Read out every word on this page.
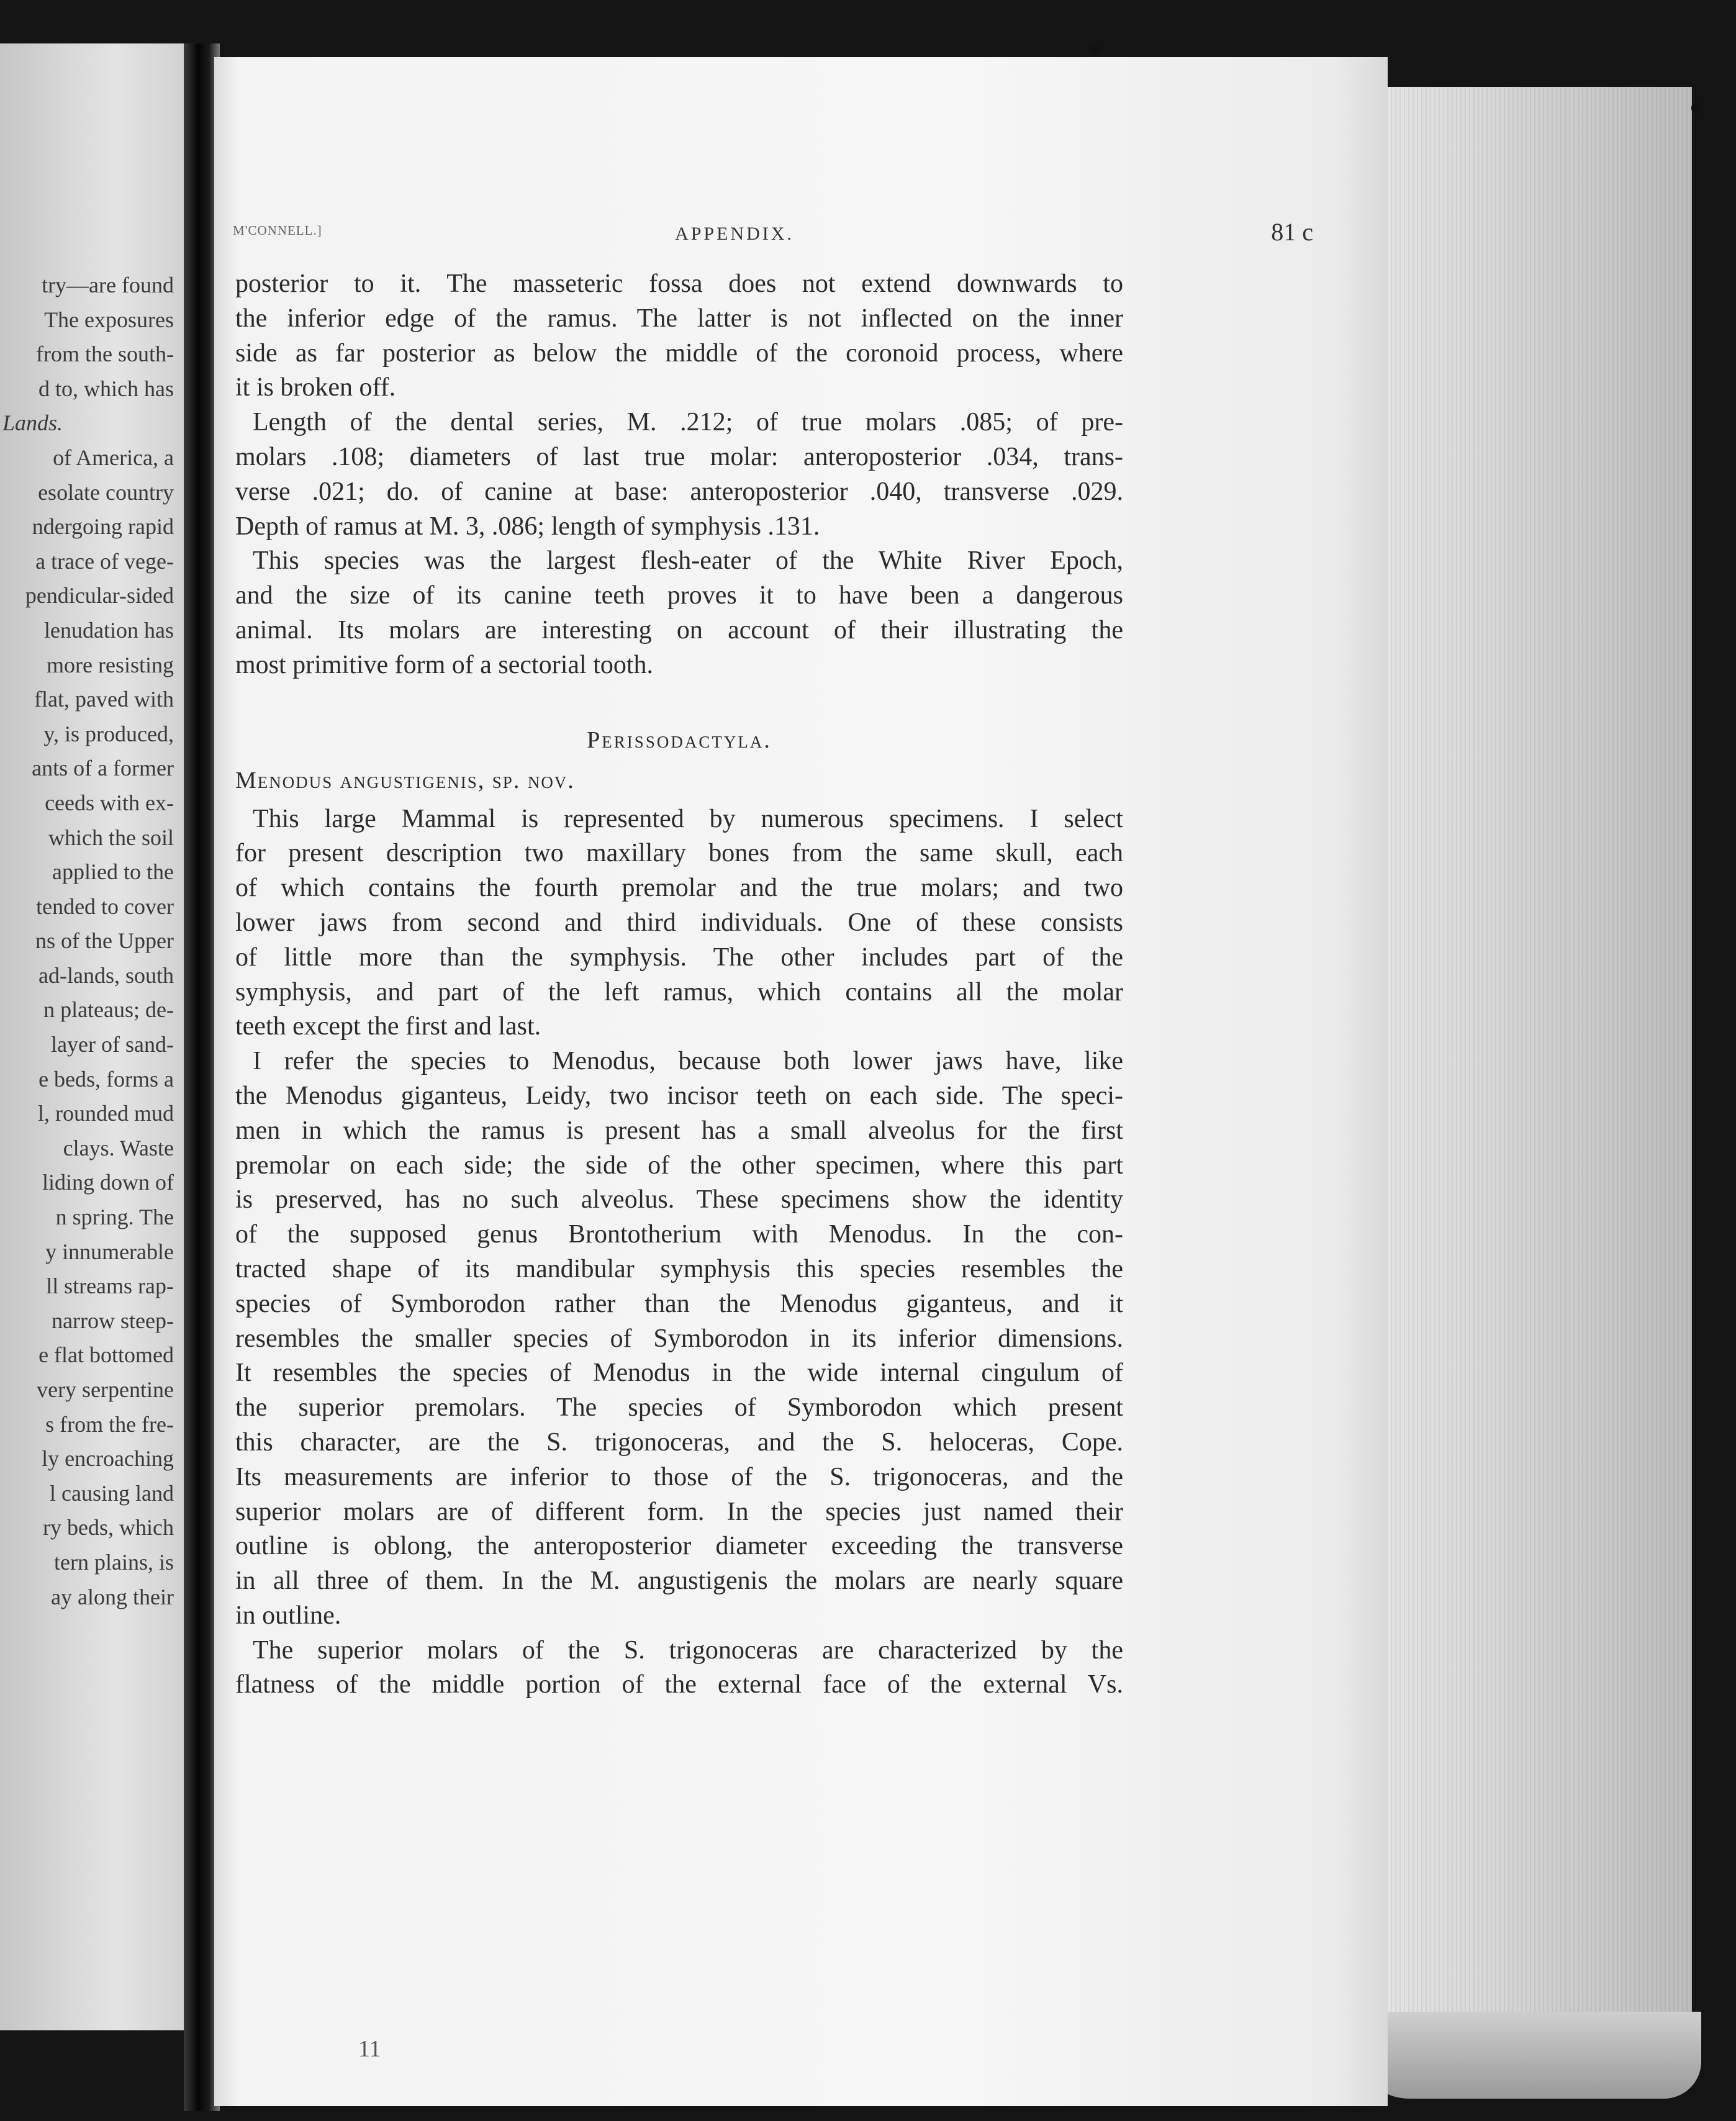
try—are found
The exposures
from the south-
d to, which has
Lands.
of America, a
esolate country
ndergoing rapid
a trace of vege-
pendicular-sided
lenudation has
more resisting
flat, paved with
y, is produced,
ants of a former
ceeds with ex-
which the soil
applied to the
tended to cover
ns of the Upper
ad-lands, south
n plateaus; de-
layer of sand-
e beds, forms a
l, rounded mud
clays. Waste
liding down of
n spring. The
y innumerable
ll streams rap-
narrow steep-
e flat bottomed
very serpentine
s from the fre-
ly encroaching
l causing land
ry beds, which
tern plains, is
ay along their
M'CONNELL.]	APPENDIX.	81 c
posterior to it. The masseteric fossa does not extend downwards to
the inferior edge of the ramus. The latter is not inflected on the inner
side as far posterior as below the middle of the coronoid process, where
it is broken off.
Length of the dental series, M. .212; of true molars .085; of pre-
molars .108; diameters of last true molar: anteroposterior .034, trans-
verse .021; do. of canine at base: anteroposterior .040, transverse .029.
Depth of ramus at M. 3, .086; length of symphysis .131.
This species was the largest flesh-eater of the White River Epoch,
and the size of its canine teeth proves it to have been a dangerous
animal. Its molars are interesting on account of their illustrating the
most primitive form of a sectorial tooth.
Perissodactyla.
Menodus angustigenis, sp. nov.
This large Mammal is represented by numerous specimens. I select
for present description two maxillary bones from the same skull, each
of which contains the fourth premolar and the true molars; and two
lower jaws from second and third individuals. One of these consists
of little more than the symphysis. The other includes part of the
symphysis, and part of the left ramus, which contains all the molar
teeth except the first and last.
I refer the species to Menodus, because both lower jaws have, like
the Menodus giganteus, Leidy, two incisor teeth on each side. The speci-
men in which the ramus is present has a small alveolus for the first
premolar on each side; the side of the other specimen, where this part
is preserved, has no such alveolus. These specimens show the identity
of the supposed genus Brontotherium with Menodus. In the con-
tracted shape of its mandibular symphysis this species resembles the
species of Symborodon rather than the Menodus giganteus, and it
resembles the smaller species of Symborodon in its inferior dimensions.
It resembles the species of Menodus in the wide internal cingulum of
the superior premolars. The species of Symborodon which present
this character, are the S. trigonoceras, and the S. heloceras, Cope.
Its measurements are inferior to those of the S. trigonoceras, and the
superior molars are of different form. In the species just named their
outline is oblong, the anteroposterior diameter exceeding the transverse
in all three of them. In the M. angustigenis the molars are nearly square
in outline.
The superior molars of the S. trigonoceras are characterized by the
flatness of the middle portion of the external face of the external Vs.
11
